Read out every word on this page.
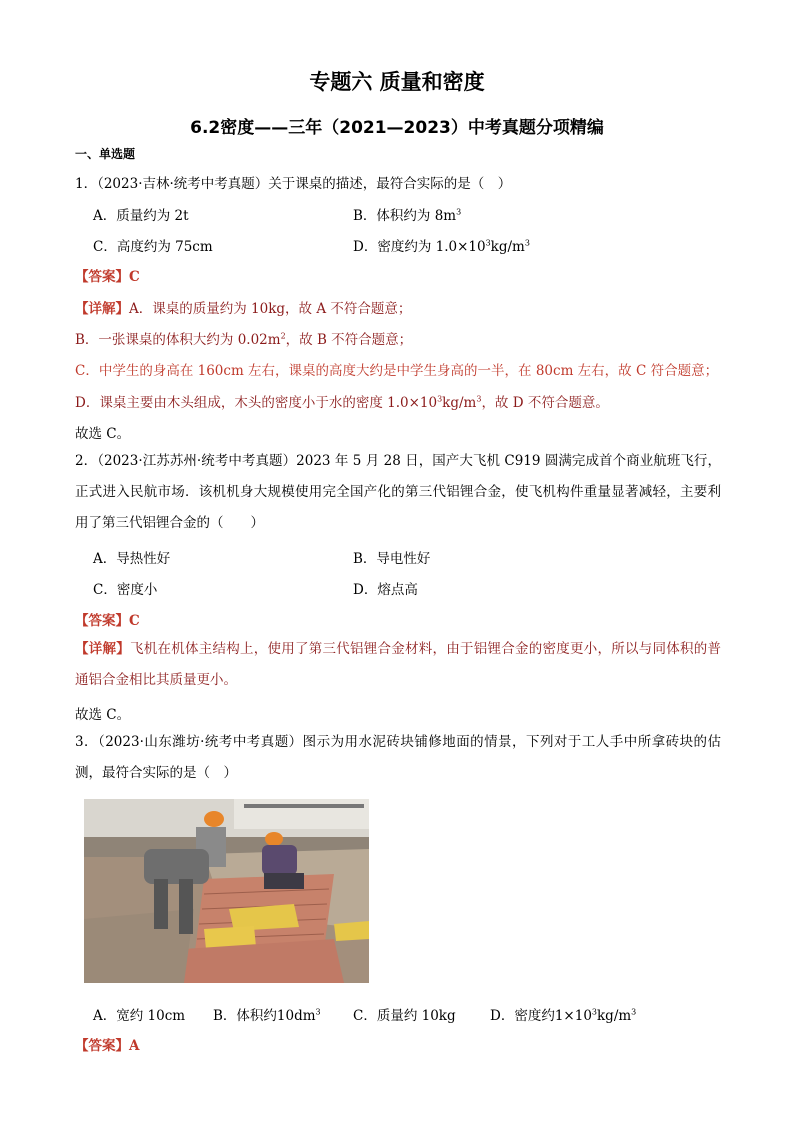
专题六 质量和密度
6.2密度——三年（2021—2023）中考真题分项精编
一、单选题
1．（2023·吉林·统考中考真题）关于课桌的描述，最符合实际的是（　）
A．质量约为 2t	B．体积约为 $8m^3$
C．高度约为 75cm	D．密度约为 $1.0\times 10^3kg/m^3$
【答案】C
【详解】A．课桌的质量约为 10kg，故 A 不符合题意；
B．一张课桌的体积大约为 $0.02m^2$，故 B 不符合题意；
C．中学生的身高在 160cm 左右，课桌的高度大约是中学生身高的一半，在 80cm 左右，故 C 符合题意；
D．课桌主要由木头组成，木头的密度小于水的密度 $1.0\times 10^3kg/m^3$，故 D 不符合题意。
故选 C。
2．（2023·江苏苏州·统考中考真题）2023 年 5 月 28 日，国产大飞机 C919 圆满完成首个商业航班飞行，正式进入民航市场．该机机身大规模使用完全国产化的第三代铝锂合金，使飞机构件重量显著减轻，主要利用了第三代铝锂合金的（　　）
A．导热性好	B．导电性好
C．密度小	D．熔点高
【答案】C
【详解】飞机在机体主结构上，使用了第三代铝锂合金材料，由于铝锂合金的密度更小，所以与同体积的普通铝合金相比其质量更小。
故选 C。
3．（2023·山东潍坊·统考中考真题）图示为用水泥砖块铺修地面的情景，下列对于工人手中所拿砖块的估测，最符合实际的是（　）
A．宽约 10cm B．体积约$10dm^3$ C．质量约 10kg	D．密度约$1\times 10^3kg/m^3$
【答案】A
